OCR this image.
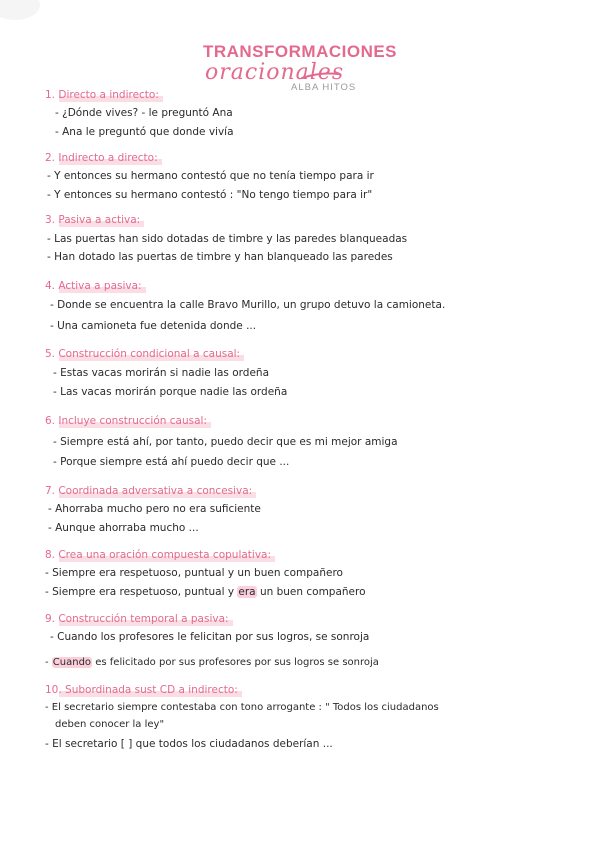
TRANSFORMACIONES
oracionales
ALBA HITOS
1. Directo a indirecto:
- ¿Dónde vives? - le preguntó Ana
- Ana le preguntó que donde vivía
2. Indirecto a directo:
- Y entonces su hermano contestó que no tenía tiempo para ir
- Y entonces su hermano contestó : "No tengo tiempo para ir"
3. Pasiva a activa:
- Las puertas han sido dotadas de timbre y las paredes blanqueadas
- Han dotado las puertas de timbre y han blanqueado las paredes
4. Activa a pasiva:
- Donde se encuentra la calle Bravo Murillo, un grupo detuvo la camioneta.
- Una camioneta fue detenida donde ...
5. Construcción condicional a causal:
- Estas vacas morirán si nadie las ordeña
- Las vacas morirán porque nadie las ordeña
6. Incluye construcción causal:
- Siempre está ahí, por tanto, puedo decir que es mi mejor amiga
- Porque siempre está ahí puedo decir que ...
7. Coordinada adversativa a concesiva:
- Ahorraba mucho pero no era suficiente
- Aunque ahorraba mucho ...
8. Crea una oración compuesta copulativa:
- Siempre era respetuoso, puntual y un buen compañero
- Siempre era respetuoso, puntual y era un buen compañero
9. Construcción temporal a pasiva:
- Cuando los profesores le felicitan por sus logros, se sonroja
- Cuando es felicitado por sus profesores por sus logros se sonroja
10. Subordinada sust CD a indirecto:
- El secretario siempre contestaba con tono arrogante : " Todos los ciudadanos
deben conocer la ley"
- El secretario [ ] que todos los ciudadanos deberían ...
